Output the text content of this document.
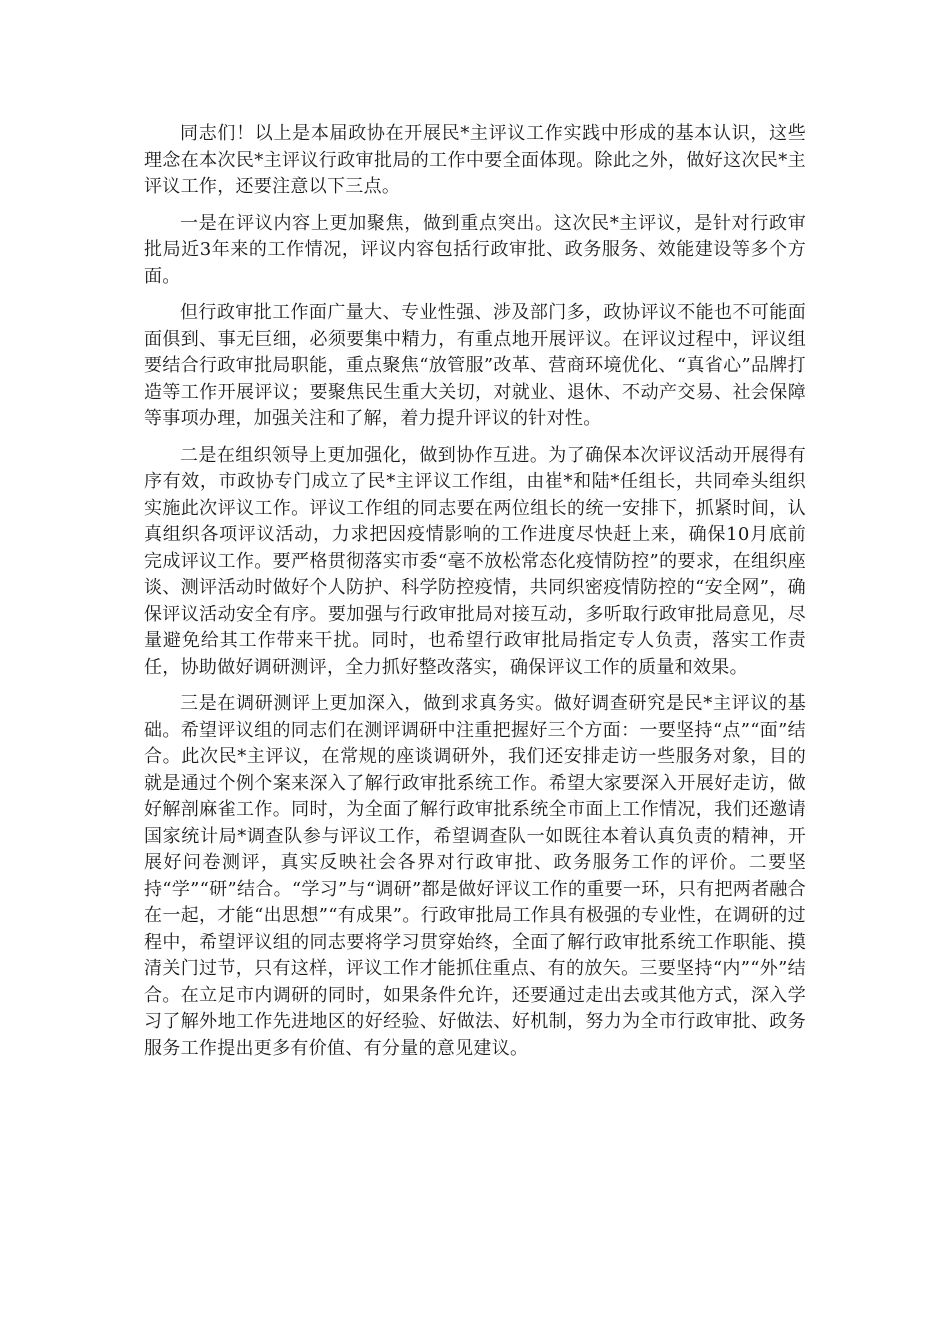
同志们！以上是本届政协在开展民*主评议工作实践中形成的基本认识，这些理念在本次民*主评议行政审批局的工作中要全面体现。除此之外，做好这次民*主评议工作，还要注意以下三点。

一是在评议内容上更加聚焦，做到重点突出。这次民*主评议，是针对行政审批局近3年来的工作情况，评议内容包括行政审批、政务服务、效能建设等多个方面。

但行政审批工作面广量大、专业性强、涉及部门多，政协评议不能也不可能面面俱到、事无巨细，必须要集中精力，有重点地开展评议。在评议过程中，评议组要结合行政审批局职能，重点聚焦“放管服”改革、营商环境优化、“真省心”品牌打造等工作开展评议；要聚焦民生重大关切，对就业、退休、不动产交易、社会保障等事项办理，加强关注和了解，着力提升评议的针对性。

二是在组织领导上更加强化，做到协作互进。为了确保本次评议活动开展得有序有效，市政协专门成立了民*主评议工作组，由崔*和陆*任组长，共同牵头组织实施此次评议工作。评议工作组的同志要在两位组长的统一安排下，抓紧时间，认真组织各项评议活动，力求把因疫情影响的工作进度尽快赶上来，确保10月底前完成评议工作。要严格贯彻落实市委“毫不放松常态化疫情防控”的要求，在组织座谈、测评活动时做好个人防护、科学防控疫情，共同织密疫情防控的“安全网”，确保评议活动安全有序。要加强与行政审批局对接互动，多听取行政审批局意见，尽量避免给其工作带来干扰。同时，也希望行政审批局指定专人负责，落实工作责任，协助做好调研测评，全力抓好整改落实，确保评议工作的质量和效果。

三是在调研测评上更加深入，做到求真务实。做好调查研究是民*主评议的基础。希望评议组的同志们在测评调研中注重把握好三个方面：一要坚持“点”“面”结合。此次民*主评议，在常规的座谈调研外，我们还安排走访一些服务对象，目的就是通过个例个案来深入了解行政审批系统工作。希望大家要深入开展好走访，做好解剖麻雀工作。同时，为全面了解行政审批系统全市面上工作情况，我们还邀请国家统计局*调查队参与评议工作，希望调查队一如既往本着认真负责的精神，开展好问卷测评，真实反映社会各界对行政审批、政务服务工作的评价。二要坚持“学”“研”结合。“学习”与“调研”都是做好评议工作的重要一环，只有把两者融合在一起，才能“出思想”“有成果”。行政审批局工作具有极强的专业性，在调研的过程中，希望评议组的同志要将学习贯穿始终，全面了解行政审批系统工作职能、摸清关门过节，只有这样，评议工作才能抓住重点、有的放矢。三要坚持“内”“外”结合。在立足市内调研的同时，如果条件允许，还要通过走出去或其他方式，深入学习了解外地工作先进地区的好经验、好做法、好机制，努力为全市行政审批、政务服务工作提出更多有价值、有分量的意见建议。
